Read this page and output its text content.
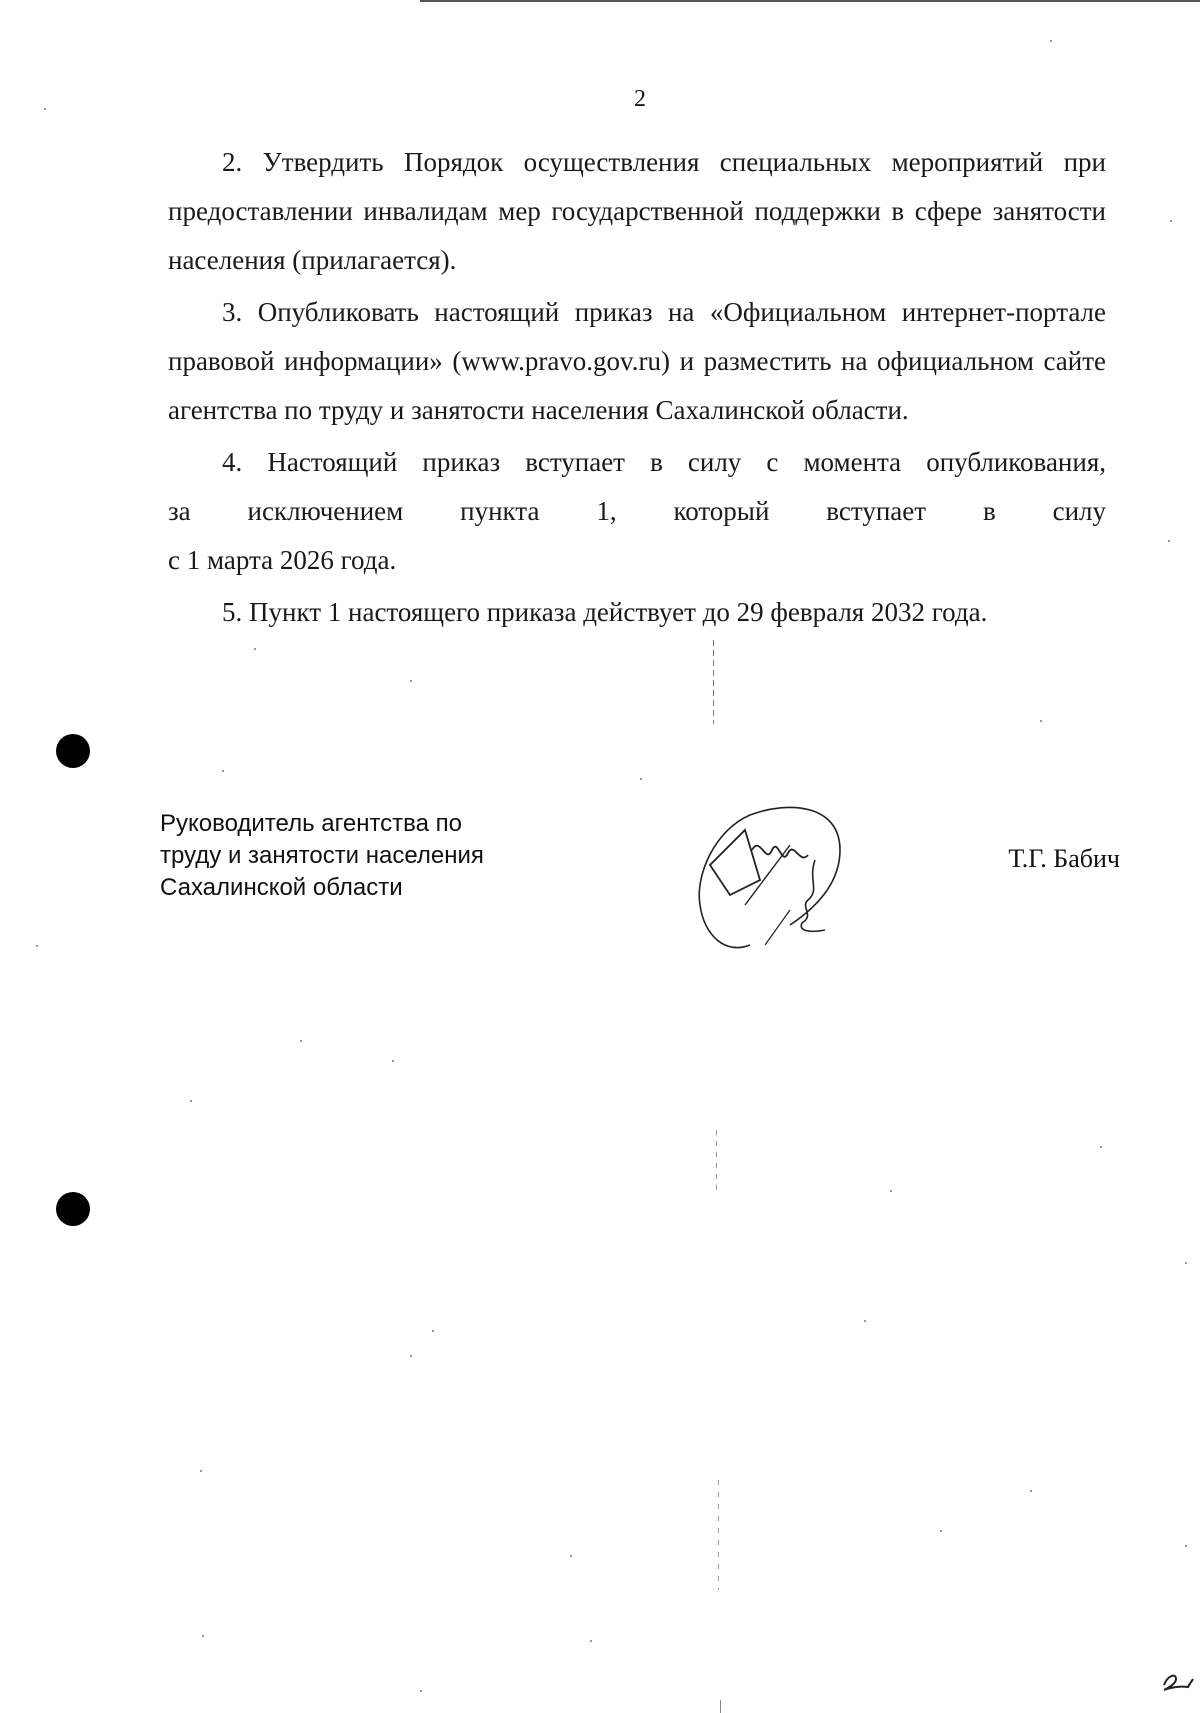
2

2. Утвердить Порядок осуществления специальных мероприятий при предоставлении инвалидам мер государственной поддержки в сфере занятости населения (прилагается).

3. Опубликовать настоящий приказ на «Официальном интернет-портале правовой информации» (www.pravo.gov.ru) и разместить на официальном сайте агентства по труду и занятости населения Сахалинской области.

4. Настоящий приказ вступает в силу с момента опубликования,

за исключением пункта 1, который вступает в силу

с 1 марта 2026 года.

5. Пункт 1 настоящего приказа действует до 29 февраля 2032 года.

Руководитель агентства по
труду и занятости населения
Сахалинской области
Т.Г. Бабич
